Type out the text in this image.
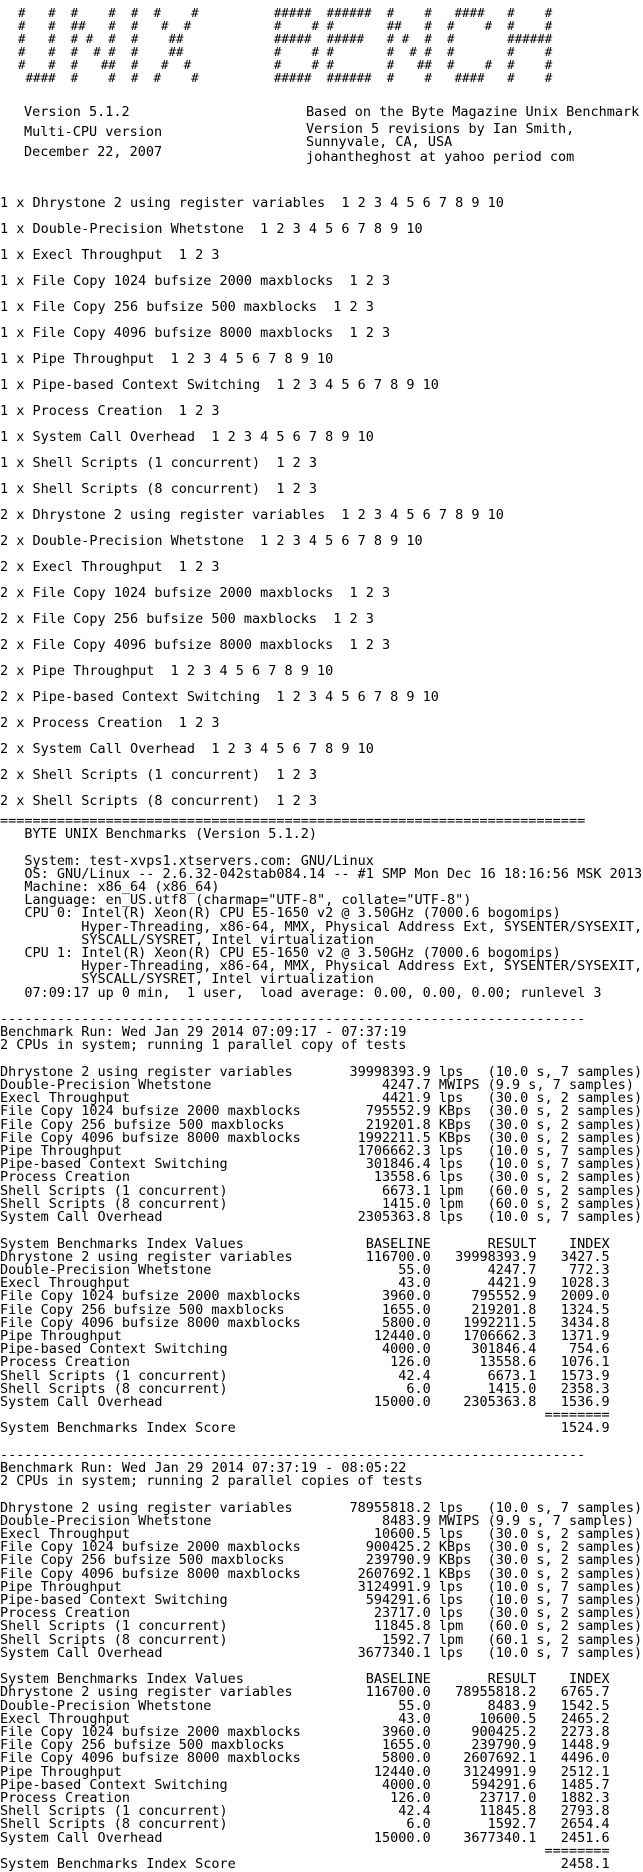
#   #  #    #  #  #    #          #####  ######  #    #   ####   #    #
#   #  ##   #  #   #  #           #    # #       ##   #  #    #  #    #
#   #  # #  #  #    ##            #####  #####   # #  #  #       ######
#   #  #  # #  #    ##            #    # #       #  # #  #       #    #
#   #  #   ##  #   #  #           #    # #       #   ##  #    #  #    #
####  #    #  #  #    #          #####  ######  #    #   ####   #    #
Version 5.1.2
Multi-CPU version
December 22, 2007
Based on the Byte Magazine Unix Benchmark
Version 5 revisions by Ian Smith,
Sunnyvale, CA, USA
johantheghost at yahoo period com
1 x Dhrystone 2 using register variables  1 2 3 4 5 6 7 8 9 10
1 x Double-Precision Whetstone  1 2 3 4 5 6 7 8 9 10
1 x Execl Throughput  1 2 3
1 x File Copy 1024 bufsize 2000 maxblocks  1 2 3
1 x File Copy 256 bufsize 500 maxblocks  1 2 3
1 x File Copy 4096 bufsize 8000 maxblocks  1 2 3
1 x Pipe Throughput  1 2 3 4 5 6 7 8 9 10
1 x Pipe-based Context Switching  1 2 3 4 5 6 7 8 9 10
1 x Process Creation  1 2 3
1 x System Call Overhead  1 2 3 4 5 6 7 8 9 10
1 x Shell Scripts (1 concurrent)  1 2 3
1 x Shell Scripts (8 concurrent)  1 2 3
2 x Dhrystone 2 using register variables  1 2 3 4 5 6 7 8 9 10
2 x Double-Precision Whetstone  1 2 3 4 5 6 7 8 9 10
2 x Execl Throughput  1 2 3
2 x File Copy 1024 bufsize 2000 maxblocks  1 2 3
2 x File Copy 256 bufsize 500 maxblocks  1 2 3
2 x File Copy 4096 bufsize 8000 maxblocks  1 2 3
2 x Pipe Throughput  1 2 3 4 5 6 7 8 9 10
2 x Pipe-based Context Switching  1 2 3 4 5 6 7 8 9 10
2 x Process Creation  1 2 3
2 x System Call Overhead  1 2 3 4 5 6 7 8 9 10
2 x Shell Scripts (1 concurrent)  1 2 3
2 x Shell Scripts (8 concurrent)  1 2 3
========================================================================
BYTE UNIX Benchmarks (Version 5.1.2)

System: test-xvps1.xtservers.com: GNU/Linux
OS: GNU/Linux -- 2.6.32-042stab084.14 -- #1 SMP Mon Dec 16 18:16:56 MSK 2013
Machine: x86_64 (x86_64)
Language: en_US.utf8 (charmap="UTF-8", collate="UTF-8")
CPU 0: Intel(R) Xeon(R) CPU E5-1650 v2 @ 3.50GHz (7000.6 bogomips)
Hyper-Threading, x86-64, MMX, Physical Address Ext, SYSENTER/SYSEXIT,
SYSCALL/SYSRET, Intel virtualization
CPU 1: Intel(R) Xeon(R) CPU E5-1650 v2 @ 3.50GHz (7000.6 bogomips)
Hyper-Threading, x86-64, MMX, Physical Address Ext, SYSENTER/SYSEXIT,
SYSCALL/SYSRET, Intel virtualization
07:09:17 up 0 min,  1 user,  load average: 0.00, 0.00, 0.00; runlevel 3

------------------------------------------------------------------------
Benchmark Run: Wed Jan 29 2014 07:09:17 - 07:37:19
2 CPUs in system; running 1 parallel copy of tests

Dhrystone 2 using register variables       39998393.9 lps   (10.0 s, 7 samples)
Double-Precision Whetstone                     4247.7 MWIPS (9.9 s, 7 samples)
Execl Throughput                               4421.9 lps   (30.0 s, 2 samples)
File Copy 1024 bufsize 2000 maxblocks        795552.9 KBps  (30.0 s, 2 samples)
File Copy 256 bufsize 500 maxblocks          219201.8 KBps  (30.0 s, 2 samples)
File Copy 4096 bufsize 8000 maxblocks       1992211.5 KBps  (30.0 s, 2 samples)
Pipe Throughput                             1706662.3 lps   (10.0 s, 7 samples)
Pipe-based Context Switching                 301846.4 lps   (10.0 s, 7 samples)
Process Creation                              13558.6 lps   (30.0 s, 2 samples)
Shell Scripts (1 concurrent)                   6673.1 lpm   (60.0 s, 2 samples)
Shell Scripts (8 concurrent)                   1415.0 lpm   (60.0 s, 2 samples)
System Call Overhead                        2305363.8 lps   (10.0 s, 7 samples)

System Benchmarks Index Values               BASELINE       RESULT    INDEX
Dhrystone 2 using register variables         116700.0   39998393.9   3427.5
Double-Precision Whetstone                       55.0       4247.7    772.3
Execl Throughput                                 43.0       4421.9   1028.3
File Copy 1024 bufsize 2000 maxblocks          3960.0     795552.9   2009.0
File Copy 256 bufsize 500 maxblocks            1655.0     219201.8   1324.5
File Copy 4096 bufsize 8000 maxblocks          5800.0    1992211.5   3434.8
Pipe Throughput                               12440.0    1706662.3   1371.9
Pipe-based Context Switching                   4000.0     301846.4    754.6
Process Creation                                126.0      13558.6   1076.1
Shell Scripts (1 concurrent)                     42.4       6673.1   1573.9
Shell Scripts (8 concurrent)                      6.0       1415.0   2358.3
System Call Overhead                          15000.0    2305363.8   1536.9
========
System Benchmarks Index Score                                        1524.9

------------------------------------------------------------------------
Benchmark Run: Wed Jan 29 2014 07:37:19 - 08:05:22
2 CPUs in system; running 2 parallel copies of tests

Dhrystone 2 using register variables       78955818.2 lps   (10.0 s, 7 samples)
Double-Precision Whetstone                     8483.9 MWIPS (9.9 s, 7 samples)
Execl Throughput                              10600.5 lps   (30.0 s, 2 samples)
File Copy 1024 bufsize 2000 maxblocks        900425.2 KBps  (30.0 s, 2 samples)
File Copy 256 bufsize 500 maxblocks          239790.9 KBps  (30.0 s, 2 samples)
File Copy 4096 bufsize 8000 maxblocks       2607692.1 KBps  (30.0 s, 2 samples)
Pipe Throughput                             3124991.9 lps   (10.0 s, 7 samples)
Pipe-based Context Switching                 594291.6 lps   (10.0 s, 7 samples)
Process Creation                              23717.0 lps   (30.0 s, 2 samples)
Shell Scripts (1 concurrent)                  11845.8 lpm   (60.0 s, 2 samples)
Shell Scripts (8 concurrent)                   1592.7 lpm   (60.1 s, 2 samples)
System Call Overhead                        3677340.1 lps   (10.0 s, 7 samples)

System Benchmarks Index Values               BASELINE       RESULT    INDEX
Dhrystone 2 using register variables         116700.0   78955818.2   6765.7
Double-Precision Whetstone                       55.0       8483.9   1542.5
Execl Throughput                                 43.0      10600.5   2465.2
File Copy 1024 bufsize 2000 maxblocks          3960.0     900425.2   2273.8
File Copy 256 bufsize 500 maxblocks            1655.0     239790.9   1448.9
File Copy 4096 bufsize 8000 maxblocks          5800.0    2607692.1   4496.0
Pipe Throughput                               12440.0    3124991.9   2512.1
Pipe-based Context Switching                   4000.0     594291.6   1485.7
Process Creation                                126.0      23717.0   1882.3
Shell Scripts (1 concurrent)                     42.4      11845.8   2793.8
Shell Scripts (8 concurrent)                      6.0       1592.7   2654.4
System Call Overhead                          15000.0    3677340.1   2451.6
========
System Benchmarks Index Score                                        2458.1
